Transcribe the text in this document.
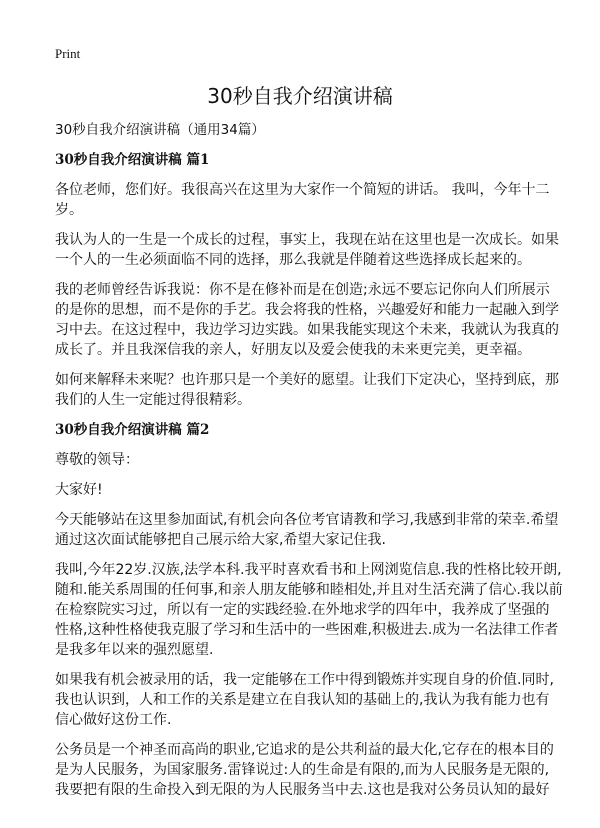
Print
30秒自我介绍演讲稿
30秒自我介绍演讲稿（通用34篇）
30秒自我介绍演讲稿 篇1
各位老师，您们好。我很高兴在这里为大家作一个简短的讲话。 我叫，今年十二
岁。
我认为人的一生是一个成长的过程，事实上，我现在站在这里也是一次成长。如果
一个人的一生必须面临不同的选择，那么我就是伴随着这些选择成长起来的。
我的老师曾经告诉我说：你不是在修补而是在创造;永远不要忘记你向人们所展示
的是你的思想，而不是你的手艺。我会将我的性格，兴趣爱好和能力一起融入到学
习中去。在这过程中，我边学习边实践。如果我能实现这个未来，我就认为我真的
成长了。并且我深信我的亲人，好朋友以及爱会使我的未来更完美，更幸福。
如何来解释未来呢？也许那只是一个美好的愿望。让我们下定决心，坚持到底，那
我们的人生一定能过得很精彩。
30秒自我介绍演讲稿 篇2
尊敬的领导：
大家好!
今天能够站在这里参加面试,有机会向各位考官请教和学习,我感到非常的荣幸.希望
通过这次面试能够把自己展示给大家,希望大家记住我.
我叫,今年22岁.汉族,法学本科.我平时喜欢看书和上网浏览信息.我的性格比较开朗,
随和.能关系周围的任何事,和亲人朋友能够和睦相处,并且对生活充满了信心.我以前
在检察院实习过，所以有一定的实践经验.在外地求学的四年中，我养成了坚强的
性格,这种性格使我克服了学习和生活中的一些困难,积极进去.成为一名法律工作者
是我多年以来的强烈愿望.
如果我有机会被录用的话，我一定能够在工作中得到锻炼并实现自身的价值.同时,
我也认识到，人和工作的关系是建立在自我认知的基础上的,我认为我有能力也有
信心做好这份工作.
公务员是一个神圣而高尚的职业,它追求的是公共利益的最大化,它存在的根本目的
是为人民服务，为国家服务.雷锋说过:人的生命是有限的,而为人民服务是无限的,
我要把有限的生命投入到无限的为人民服务当中去.这也是我对公务员认知的最好
